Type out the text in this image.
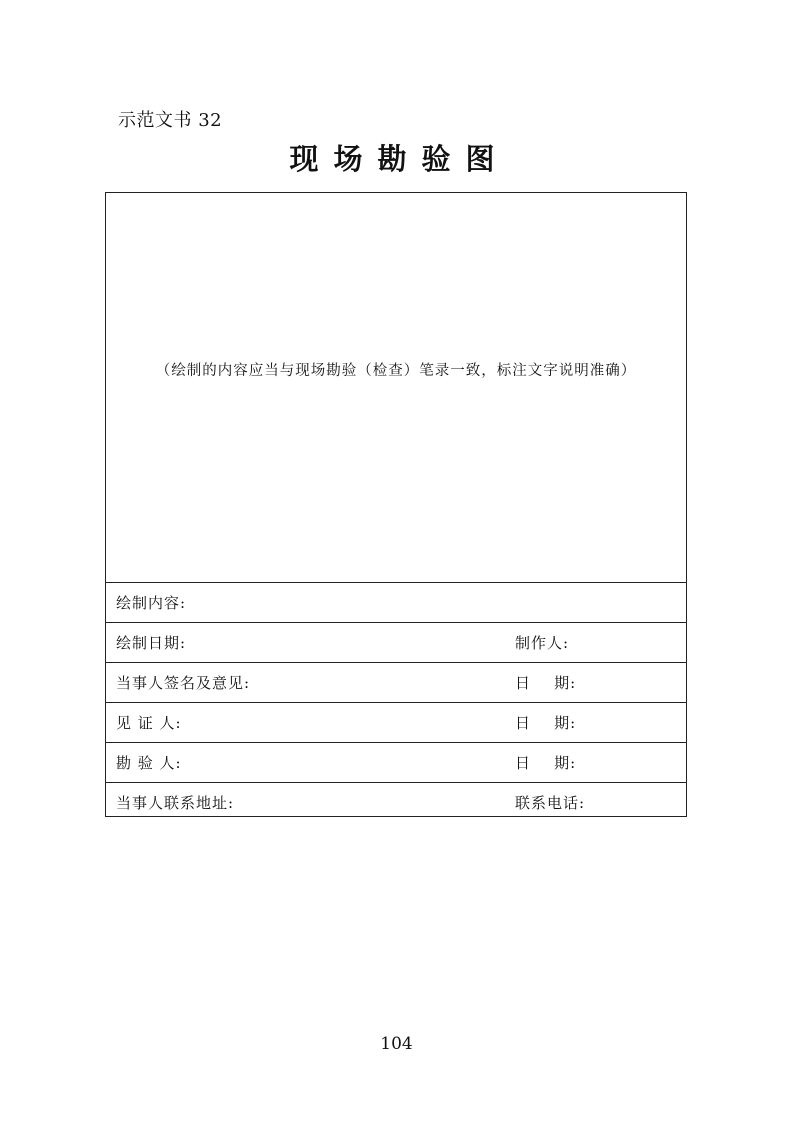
示范文书 32
现场勘验图
（绘制的内容应当与现场勘验（检查）笔录一致，标注文字说明准确）
绘制内容:
绘制日期:	制作人:
当事人签名及意见:	日    期:
见 证 人:	日    期:
勘 验 人:	日    期:
当事人联系地址:	联系电话:
104
